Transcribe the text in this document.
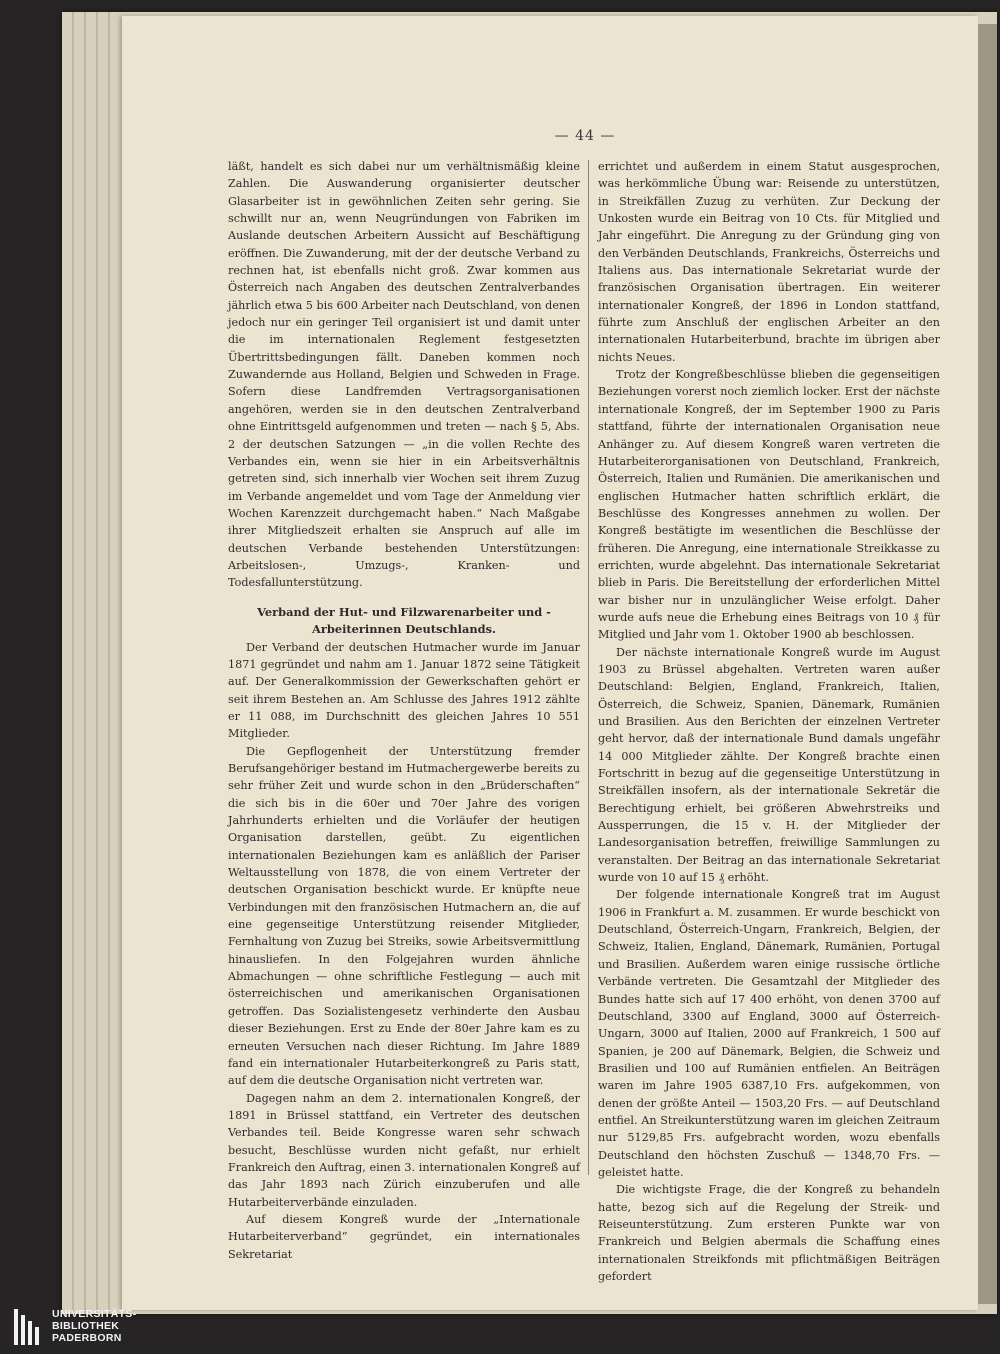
— 44 —

läßt, handelt es sich dabei nur um verhältnismäßig kleine Zahlen. Die Auswanderung organisierter deutscher Glasarbeiter ist in gewöhnlichen Zeiten sehr gering. Sie schwillt nur an, wenn Neugründungen von Fabriken im Auslande deutschen Arbeitern Aussicht auf Beschäftigung eröffnen. Die Zuwanderung, mit der der deutsche Verband zu rechnen hat, ist ebenfalls nicht groß. Zwar kommen aus Österreich nach Angaben des deutschen Zentralverbandes jährlich etwa 5 bis 600 Arbeiter nach Deutschland, von denen jedoch nur ein geringer Teil organisiert ist und damit unter die im internationalen Reglement festgesetzten Übertrittsbedingungen fällt. Daneben kommen noch Zuwandernde aus Holland, Belgien und Schweden in Frage. Sofern diese Landfremden Vertragsorganisationen angehören, werden sie in den deutschen Zentralverband ohne Eintrittsgeld aufgenommen und treten — nach § 5, Abs. 2 der deutschen Satzungen — „in die vollen Rechte des Verbandes ein, wenn sie hier in ein Arbeitsverhältnis getreten sind, sich innerhalb vier Wochen seit ihrem Zuzug im Verbande angemeldet und vom Tage der Anmeldung vier Wochen Karenzzeit durchgemacht haben.“ Nach Maßgabe ihrer Mitgliedszeit erhalten sie Anspruch auf alle im deutschen Verbande bestehenden Unterstützungen: Arbeitslosen-, Umzugs-, Kranken- und Todesfallunterstützung.

Verband der Hut- und Filzwarenarbeiter und -Arbeiterinnen Deutschlands.

Der Verband der deutschen Hutmacher wurde im Januar 1871 gegründet und nahm am 1. Januar 1872 seine Tätigkeit auf. Der Generalkommission der Gewerkschaften gehört er seit ihrem Bestehen an. Am Schlusse des Jahres 1912 zählte er 11 088, im Durchschnitt des gleichen Jahres 10 551 Mitglieder.

Die Gepflogenheit der Unterstützung fremder Berufsangehöriger bestand im Hutmachergewerbe bereits zu sehr früher Zeit und wurde schon in den „Brüderschaften“ die sich bis in die 60er und 70er Jahre des vorigen Jahrhunderts erhielten und die Vorläufer der heutigen Organisation darstellen, geübt. Zu eigentlichen internationalen Beziehungen kam es anläßlich der Pariser Weltausstellung von 1878, die von einem Vertreter der deutschen Organisation beschickt wurde. Er knüpfte neue Verbindungen mit den französischen Hutmachern an, die auf eine gegenseitige Unterstützung reisender Mitglieder, Fernhaltung von Zuzug bei Streiks, sowie Arbeitsvermittlung hinausliefen. In den Folgejahren wurden ähnliche Abmachungen — ohne schriftliche Festlegung — auch mit österreichischen und amerikanischen Organisationen getroffen. Das Sozialistengesetz verhinderte den Ausbau dieser Beziehungen. Erst zu Ende der 80er Jahre kam es zu erneuten Versuchen nach dieser Richtung. Im Jahre 1889 fand ein internationaler Hutarbeiterkongreß zu Paris statt, auf dem die deutsche Organisation nicht vertreten war.

Dagegen nahm an dem 2. internationalen Kongreß, der 1891 in Brüssel stattfand, ein Vertreter des deutschen Verbandes teil. Beide Kongresse waren sehr schwach besucht, Beschlüsse wurden nicht gefaßt, nur erhielt Frankreich den Auftrag, einen 3. internationalen Kongreß auf das Jahr 1893 nach Zürich einzuberufen und alle Hutarbeiterverbände einzuladen.

Auf diesem Kongreß wurde der „Internationale Hutarbeiterverband“ gegründet, ein internationales Sekretariat

errichtet und außerdem in einem Statut ausgesprochen, was herkömmliche Übung war: Reisende zu unterstützen, in Streikfällen Zuzug zu verhüten. Zur Deckung der Unkosten wurde ein Beitrag von 10 Cts. für Mitglied und Jahr eingeführt. Die Anregung zu der Gründung ging von den Verbänden Deutschlands, Frankreichs, Österreichs und Italiens aus. Das internationale Sekretariat wurde der französischen Organisation übertragen. Ein weiterer internationaler Kongreß, der 1896 in London stattfand, führte zum Anschluß der englischen Arbeiter an den internationalen Hutarbeiterbund, brachte im übrigen aber nichts Neues.

Trotz der Kongreßbeschlüsse blieben die gegenseitigen Beziehungen vorerst noch ziemlich locker. Erst der nächste internationale Kongreß, der im September 1900 zu Paris stattfand, führte der internationalen Organisation neue Anhänger zu. Auf diesem Kongreß waren vertreten die Hutarbeiterorganisationen von Deutschland, Frankreich, Österreich, Italien und Rumänien. Die amerikanischen und englischen Hutmacher hatten schriftlich erklärt, die Beschlüsse des Kongresses annehmen zu wollen. Der Kongreß bestätigte im wesentlichen die Beschlüsse der früheren. Die Anregung, eine internationale Streikkasse zu errichten, wurde abgelehnt. Das internationale Sekretariat blieb in Paris. Die Bereitstellung der erforderlichen Mittel war bisher nur in unzulänglicher Weise erfolgt. Daher wurde aufs neue die Erhebung eines Beitrags von 10 ₰ für Mitglied und Jahr vom 1. Oktober 1900 ab beschlossen.

Der nächste internationale Kongreß wurde im August 1903 zu Brüssel abgehalten. Vertreten waren außer Deutschland: Belgien, England, Frankreich, Italien, Österreich, die Schweiz, Spanien, Dänemark, Rumänien und Brasilien. Aus den Berichten der einzelnen Vertreter geht hervor, daß der internationale Bund damals ungefähr 14 000 Mitglieder zählte. Der Kongreß brachte einen Fortschritt in bezug auf die gegenseitige Unterstützung in Streikfällen insofern, als der internationale Sekretär die Berechtigung erhielt, bei größeren Abwehrstreiks und Aussperrungen, die 15 v. H. der Mitglieder der Landesorganisation betreffen, freiwillige Sammlungen zu veranstalten. Der Beitrag an das internationale Sekretariat wurde von 10 auf 15 ₰ erhöht.

Der folgende internationale Kongreß trat im August 1906 in Frankfurt a. M. zusammen. Er wurde beschickt von Deutschland, Österreich-Ungarn, Frankreich, Belgien, der Schweiz, Italien, England, Dänemark, Rumänien, Portugal und Brasilien. Außerdem waren einige russische örtliche Verbände vertreten. Die Gesamtzahl der Mitglieder des Bundes hatte sich auf 17 400 erhöht, von denen 3700 auf Deutschland, 3300 auf England, 3000 auf Österreich-Ungarn, 3000 auf Italien, 2000 auf Frankreich, 1 500 auf Spanien, je 200 auf Dänemark, Belgien, die Schweiz und Brasilien und 100 auf Rumänien entfielen. An Beiträgen waren im Jahre 1905 6387,10 Frs. aufgekommen, von denen der größte Anteil — 1503,20 Frs. — auf Deutschland entfiel. An Streikunterstützung waren im gleichen Zeitraum nur 5129,85 Frs. aufgebracht worden, wozu ebenfalls Deutschland den höchsten Zuschuß — 1348,70 Frs. — geleistet hatte.

Die wichtigste Frage, die der Kongreß zu behandeln hatte, bezog sich auf die Regelung der Streik- und Reiseunterstützung. Zum ersteren Punkte war von Frankreich und Belgien abermals die Schaffung eines internationalen Streikfonds mit pflichtmäßigen Beiträgen gefordert

UNIVERSITÄTS-
BIBLIOTHEK
PADERBORN
